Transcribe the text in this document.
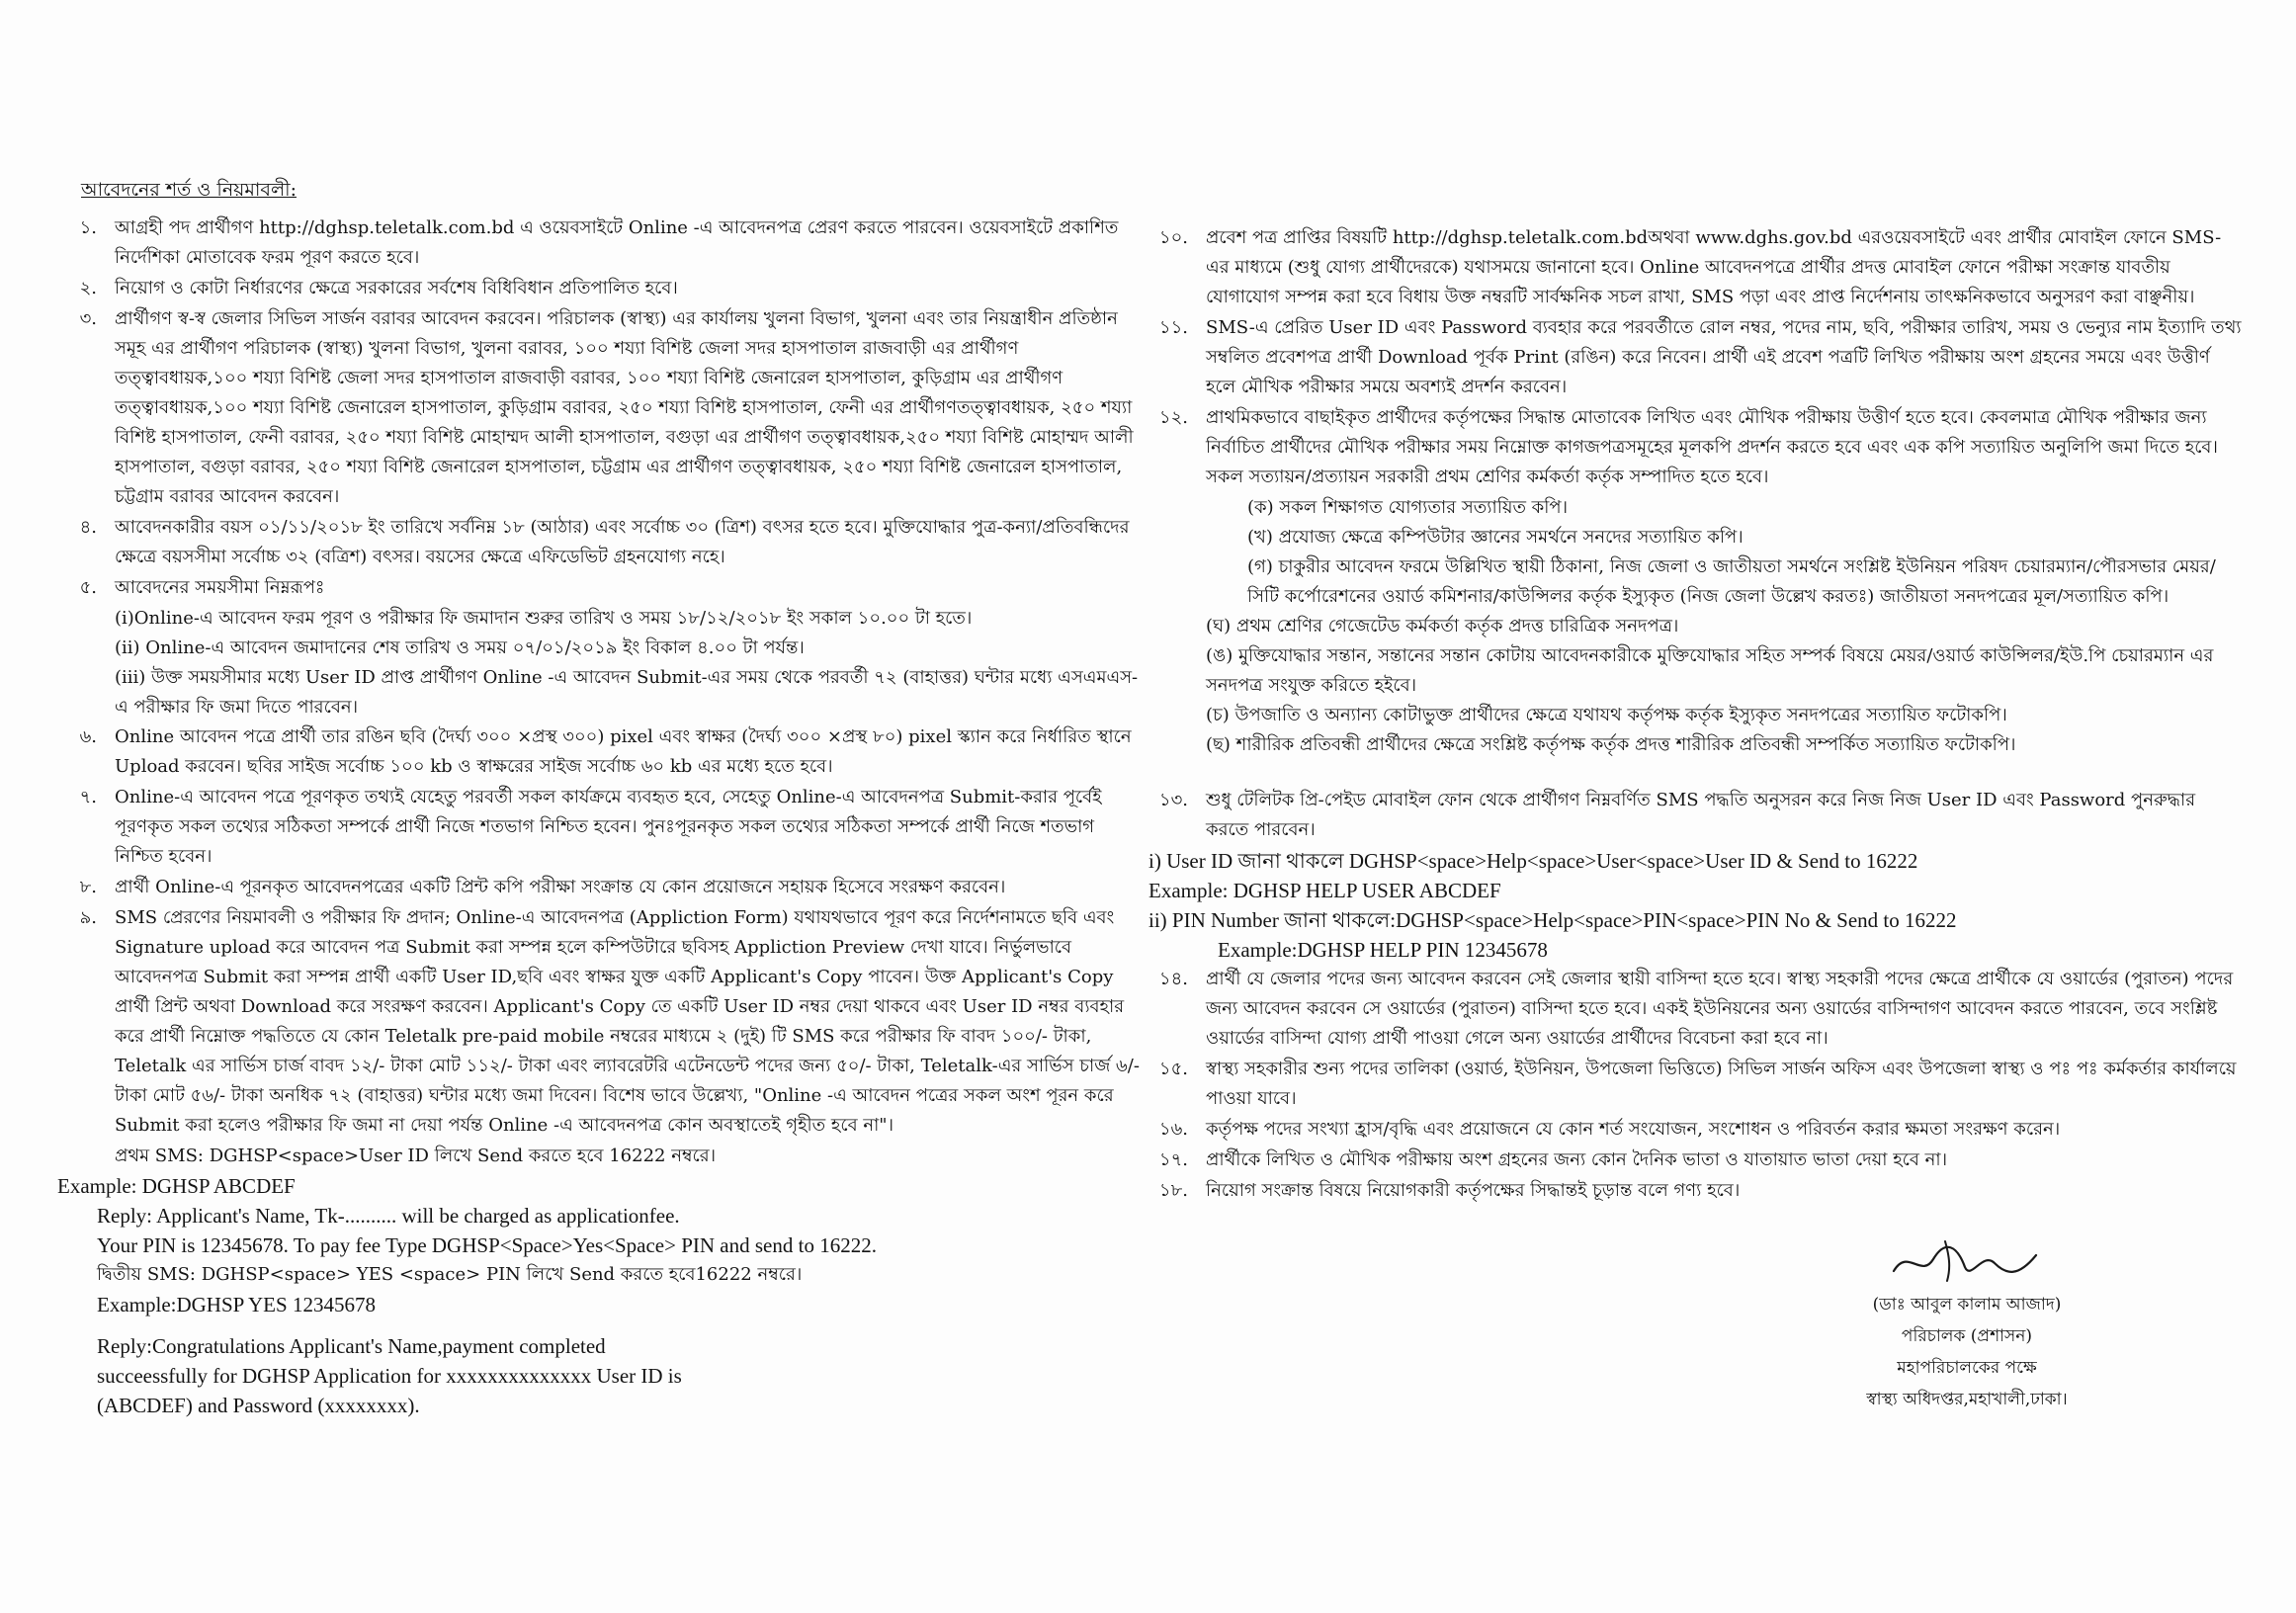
আবেদনের শর্ত ও নিয়মাবলী:
১. আগ্রহী পদ প্রার্থীগণ http://dghsp.teletalk.com.bd এ ওয়েবসাইটে Online -এ আবেদনপত্র প্রেরণ করতে পারবেন। ওয়েবসাইটে প্রকাশিত নির্দেশিকা মোতাবেক ফরম পূরণ করতে হবে।
২. নিয়োগ ও কোটা নির্ধারণের ক্ষেত্রে সরকারের সর্বশেষ বিধিবিধান প্রতিপালিত হবে।
৩. প্রার্থীগণ স্ব-স্ব জেলার সিভিল সার্জন বরাবর আবেদন করবেন। পরিচালক (স্বাস্থ্য) এর কার্যালয় খুলনা বিভাগ, খুলনা এবং তার নিয়ন্ত্রাধীন প্রতিষ্ঠান সমূহ এর প্রার্থীগণ পরিচালক (স্বাস্থ্য) খুলনা বিভাগ, খুলনা বরাবর, ১০০ শয্যা বিশিষ্ট জেলা সদর হাসপাতাল রাজবাড়ী এর প্রার্থীগণ তত্ত্বাবধায়ক,১০০ শয্যা বিশিষ্ট জেলা সদর হাসপাতাল রাজবাড়ী বরাবর, ১০০ শয্যা বিশিষ্ট জেনারেল হাসপাতাল, কুড়িগ্রাম এর প্রার্থীগণ তত্ত্বাবধায়ক,১০০ শয্যা বিশিষ্ট জেনারেল হাসপাতাল, কুড়িগ্রাম বরাবর, ২৫০ শয্যা বিশিষ্ট হাসপাতাল, ফেনী এর প্রার্থীগণতত্ত্বাবধায়ক, ২৫০ শয্যা বিশিষ্ট হাসপাতাল, ফেনী বরাবর, ২৫০ শয্যা বিশিষ্ট মোহাম্মদ আলী হাসপাতাল, বগুড়া এর প্রার্থীগণ তত্ত্বাবধায়ক,২৫০ শয্যা বিশিষ্ট মোহাম্মদ আলী হাসপাতাল, বগুড়া বরাবর, ২৫০ শয্যা বিশিষ্ট জেনারেল হাসপাতাল, চট্টগ্রাম এর প্রার্থীগণ তত্ত্বাবধায়ক, ২৫০ শয্যা বিশিষ্ট জেনারেল হাসপাতাল, চট্টগ্রাম বরাবর আবেদন করবেন।
৪. আবেদনকারীর বয়স ০১/১১/২০১৮ ইং তারিখে সর্বনিম্ন ১৮ (আঠার) এবং সর্বোচ্চ ৩০ (ত্রিশ) বৎসর হতে হবে। মুক্তিযোদ্ধার পুত্র-কন্যা/প্রতিবন্ধিদের ক্ষেত্রে বয়সসীমা সর্বোচ্চ ৩২ (বত্রিশ) বৎসর। বয়সের ক্ষেত্রে এফিডেভিট গ্রহনযোগ্য নহে।
৫. আবেদনের সময়সীমা নিম্নরূপঃ
(i)Online-এ আবেদন ফরম পূরণ ও পরীক্ষার ফি জমাদান শুরুর তারিখ ও সময় ১৮/১২/২০১৮ ইং সকাল ১০.০০ টা হতে।
(ii) Online-এ আবেদন জমাদানের শেষ তারিখ ও সময় ০৭/০১/২০১৯ ইং বিকাল ৪.০০ টা পর্যন্ত।
(iii) উক্ত সময়সীমার মধ্যে User ID প্রাপ্ত প্রার্থীগণ Online -এ আবেদন Submit-এর সময় থেকে পরবর্তী ৭২ (বাহাত্তর) ঘন্টার মধ্যে এসএমএস-এ পরীক্ষার ফি জমা দিতে পারবেন।
৬. Online আবেদন পত্রে প্রার্থী তার রঙিন ছবি (দৈর্ঘ্য ৩০০ ×প্রস্থ ৩০০) pixel এবং স্বাক্ষর (দৈর্ঘ্য ৩০০ ×প্রস্থ ৮০) pixel স্ক্যান করে নির্ধারিত স্থানে Upload করবেন। ছবির সাইজ সর্বোচ্চ ১০০ kb ও স্বাক্ষরের সাইজ সর্বোচ্চ ৬০ kb এর মধ্যে হতে হবে।
৭. Online-এ আবেদন পত্রে পূরণকৃত তথ্যই যেহেতু পরবর্তী সকল কার্যক্রমে ব্যবহৃত হবে, সেহেতু Online-এ আবেদনপত্র Submit-করার পূর্বেই পূরণকৃত সকল তথ্যের সঠিকতা সম্পর্কে প্রার্থী নিজে শতভাগ নিশ্চিত হবেন। পুনঃপূরনকৃত সকল তথ্যের সঠিকতা সম্পর্কে প্রার্থী নিজে শতভাগ নিশ্চিত হবেন।
৮. প্রার্থী Online-এ পূরনকৃত আবেদনপত্রের একটি প্রিন্ট কপি পরীক্ষা সংক্রান্ত যে কোন প্রয়োজনে সহায়ক হিসেবে সংরক্ষণ করবেন।
৯. SMS প্রেরণের নিয়মাবলী ও পরীক্ষার ফি প্রদান; Online-এ আবেদনপত্র (Appliction Form) যথাযথভাবে পূরণ করে নির্দেশনামতে ছবি এবং Signature upload করে আবেদন পত্র Submit করা সম্পন্ন হলে কম্পিউটারে ছবিসহ Appliction Preview দেখা যাবে। নির্ভুলভাবে আবেদনপত্র Submit করা সম্পন্ন প্রার্থী একটি User ID,ছবি এবং স্বাক্ষর যুক্ত একটি Applicant's Copy পাবেন। উক্ত Applicant's Copy প্রার্থী প্রিন্ট অথবা Download করে সংরক্ষণ করবেন। Applicant's Copy তে একটি User ID নম্বর দেয়া থাকবে এবং User ID নম্বর ব্যবহার করে প্রার্থী নিম্নোক্ত পদ্ধতিতে যে কোন Teletalk pre-paid mobile নম্বরের মাধ্যমে ২ (দুই) টি SMS করে পরীক্ষার ফি বাবদ ১০০/- টাকা, Teletalk এর সার্ভিস চার্জ বাবদ ১২/- টাকা মোট ১১২/- টাকা এবং ল্যাবরেটরি এটেনডেন্ট পদের জন্য ৫০/- টাকা, Teletalk-এর সার্ভিস চার্জ ৬/- টাকা মোট ৫৬/- টাকা অনধিক ৭২ (বাহাত্তর) ঘন্টার মধ্যে জমা দিবেন। বিশেষ ভাবে উল্লেখ্য, "Online -এ আবেদন পত্রের সকল অংশ পূরন করে Submit করা হলেও পরীক্ষার ফি জমা না দেয়া পর্যন্ত Online -এ আবেদনপত্র কোন অবস্থাতেই গৃহীত হবে না"।
প্রথম SMS: DGHSP<space>User ID লিখে Send করতে হবে 16222 নম্বরে।
Example: DGHSP ABCDEF
Reply: Applicant's Name, Tk-.......... will be charged as applicationfee.
Your PIN is 12345678. To pay fee Type DGHSP<Space>Yes<Space> PIN and send to 16222.
দ্বিতীয় SMS: DGHSP<space> YES <space> PIN লিখে Send করতে হবে16222 নম্বরে।
Example:DGHSP YES 12345678
Reply:Congratulations Applicant's Name,payment completed
succeessfully for DGHSP Application for xxxxxxxxxxxxxx User ID is
(ABCDEF) and Password (xxxxxxxx).
১০. প্রবেশ পত্র প্রাপ্তির বিষয়টি http://dghsp.teletalk.com.bdঅথবা www.dghs.gov.bd এরওয়েবসাইটে এবং প্রার্থীর মোবাইল ফোনে SMS-এর মাধ্যমে (শুধু যোগ্য প্রার্থীদেরকে) যথাসময়ে জানানো হবে। Online আবেদনপত্রে প্রার্থীর প্রদত্ত মোবাইল ফোনে পরীক্ষা সংক্রান্ত যাবতীয় যোগাযোগ সম্পন্ন করা হবে বিধায় উক্ত নম্বরটি সার্বক্ষনিক সচল রাখা, SMS পড়া এবং প্রাপ্ত নির্দেশনায় তাৎক্ষনিকভাবে অনুসরণ করা বাঞ্ছনীয়।
১১. SMS-এ প্রেরিত User ID এবং Password ব্যবহার করে পরবর্তীতে রোল নম্বর, পদের নাম, ছবি, পরীক্ষার তারিখ, সময় ও ভেন্যুর নাম ইত্যাদি তথ্য সম্বলিত প্রবেশপত্র প্রার্থী Download পূর্বক Print (রঙিন) করে নিবেন। প্রার্থী এই প্রবেশ পত্রটি লিখিত পরীক্ষায় অংশ গ্রহনের সময়ে এবং উত্তীর্ণ হলে মৌখিক পরীক্ষার সময়ে অবশ্যই প্রদর্শন করবেন।
১২. প্রাথমিকভাবে বাছাইকৃত প্রার্থীদের কর্তৃপক্ষের সিদ্ধান্ত মোতাবেক লিখিত এবং মৌখিক পরীক্ষায় উত্তীর্ণ হতে হবে। কেবলমাত্র মৌখিক পরীক্ষার জন্য নির্বাচিত প্রার্থীদের মৌখিক পরীক্ষার সময় নিম্নোক্ত কাগজপত্রসমূহের মূলকপি প্রদর্শন করতে হবে এবং এক কপি সত্যায়িত অনুলিপি জমা দিতে হবে। সকল সত্যায়ন/প্রত্যায়ন সরকারী প্রথম শ্রেণির কর্মকর্তা কর্তৃক সম্পাদিত হতে হবে।
(ক) সকল শিক্ষাগত যোগ্যতার সত্যায়িত কপি।
(খ) প্রযোজ্য ক্ষেত্রে কম্পিউটার জ্ঞানের সমর্থনে সনদের সত্যায়িত কপি।
(গ) চাকুরীর আবেদন ফরমে উল্লিখিত স্থায়ী ঠিকানা, নিজ জেলা ও জাতীয়তা সমর্থনে সংশ্লিষ্ট ইউনিয়ন পরিষদ চেয়ারম্যান/পৌরসভার মেয়র/সিটি কর্পোরেশনের ওয়ার্ড কমিশনার/কাউন্সিলর কর্তৃক ইস্যুকৃত (নিজ জেলা উল্লেখ করতঃ) জাতীয়তা সনদপত্রের মূল/সত্যায়িত কপি।
(ঘ) প্রথম শ্রেণির গেজেটেড কর্মকর্তা কর্তৃক প্রদত্ত চারিত্রিক সনদপত্র।
(ঙ) মুক্তিযোদ্ধার সন্তান, সন্তানের সন্তান কোটায় আবেদনকারীকে মুক্তিযোদ্ধার সহিত সম্পর্ক বিষয়ে মেয়র/ওয়ার্ড কাউন্সিলর/ইউ.পি চেয়ারম্যান এর সনদপত্র সংযুক্ত করিতে হইবে।
(চ) উপজাতি ও অন্যান্য কোটাভুক্ত প্রার্থীদের ক্ষেত্রে যথাযথ কর্তৃপক্ষ কর্তৃক ইস্যুকৃত সনদপত্রের সত্যায়িত ফটোকপি।
(ছ) শারীরিক প্রতিবন্ধী প্রার্থীদের ক্ষেত্রে সংশ্লিষ্ট কর্তৃপক্ষ কর্তৃক প্রদত্ত শারীরিক প্রতিবন্ধী সম্পর্কিত সত্যায়িত ফটোকপি।
১৩. শুধু টেলিটক প্রি-পেইড মোবাইল ফোন থেকে প্রার্থীগণ নিম্নবর্ণিত SMS পদ্ধতি অনুসরন করে নিজ নিজ User ID এবং Password পুনরুদ্ধার করতে পারবেন।
i) User ID জানা থাকলে DGHSP<space>Help<space>User<space>User ID & Send to 16222
Example: DGHSP HELP USER ABCDEF
ii) PIN Number জানা থাকলে:DGHSP<space>Help<space>PIN<space>PIN No & Send to 16222
Example:DGHSP HELP PIN 12345678
১৪. প্রার্থী যে জেলার পদের জন্য আবেদন করবেন সেই জেলার স্থায়ী বাসিন্দা হতে হবে। স্বাস্থ্য সহকারী পদের ক্ষেত্রে প্রার্থীকে যে ওয়ার্ডের (পুরাতন) পদের জন্য আবেদন করবেন সে ওয়ার্ডের (পুরাতন) বাসিন্দা হতে হবে। একই ইউনিয়নের অন্য ওয়ার্ডের বাসিন্দাগণ আবেদন করতে পারবেন, তবে সংশ্লিষ্ট ওয়ার্ডের বাসিন্দা যোগ্য প্রার্থী পাওয়া গেলে অন্য ওয়ার্ডের প্রার্থীদের বিবেচনা করা হবে না।
১৫. স্বাস্থ্য সহকারীর শুন্য পদের তালিকা (ওয়ার্ড, ইউনিয়ন, উপজেলা ভিত্তিতে) সিভিল সার্জন অফিস এবং উপজেলা স্বাস্থ্য ও পঃ পঃ কর্মকর্তার কার্যালয়ে পাওয়া যাবে।
১৬. কর্তৃপক্ষ পদের সংখ্যা হ্রাস/বৃদ্ধি এবং প্রয়োজনে যে কোন শর্ত সংযোজন, সংশোধন ও পরিবর্তন করার ক্ষমতা সংরক্ষণ করেন।
১৭. প্রার্থীকে লিখিত ও মৌখিক পরীক্ষায় অংশ গ্রহনের জন্য কোন দৈনিক ভাতা ও যাতায়াত ভাতা দেয়া হবে না।
১৮. নিয়োগ সংক্রান্ত বিষয়ে নিয়োগকারী কর্তৃপক্ষের সিদ্ধান্তই চূড়ান্ত বলে গণ্য হবে।
(ডাঃ আবুল কালাম আজাদ)
পরিচালক (প্রশাসন)
মহাপরিচালকের পক্ষে
স্বাস্থ্য অধিদপ্তর,মহাখালী,ঢাকা।
